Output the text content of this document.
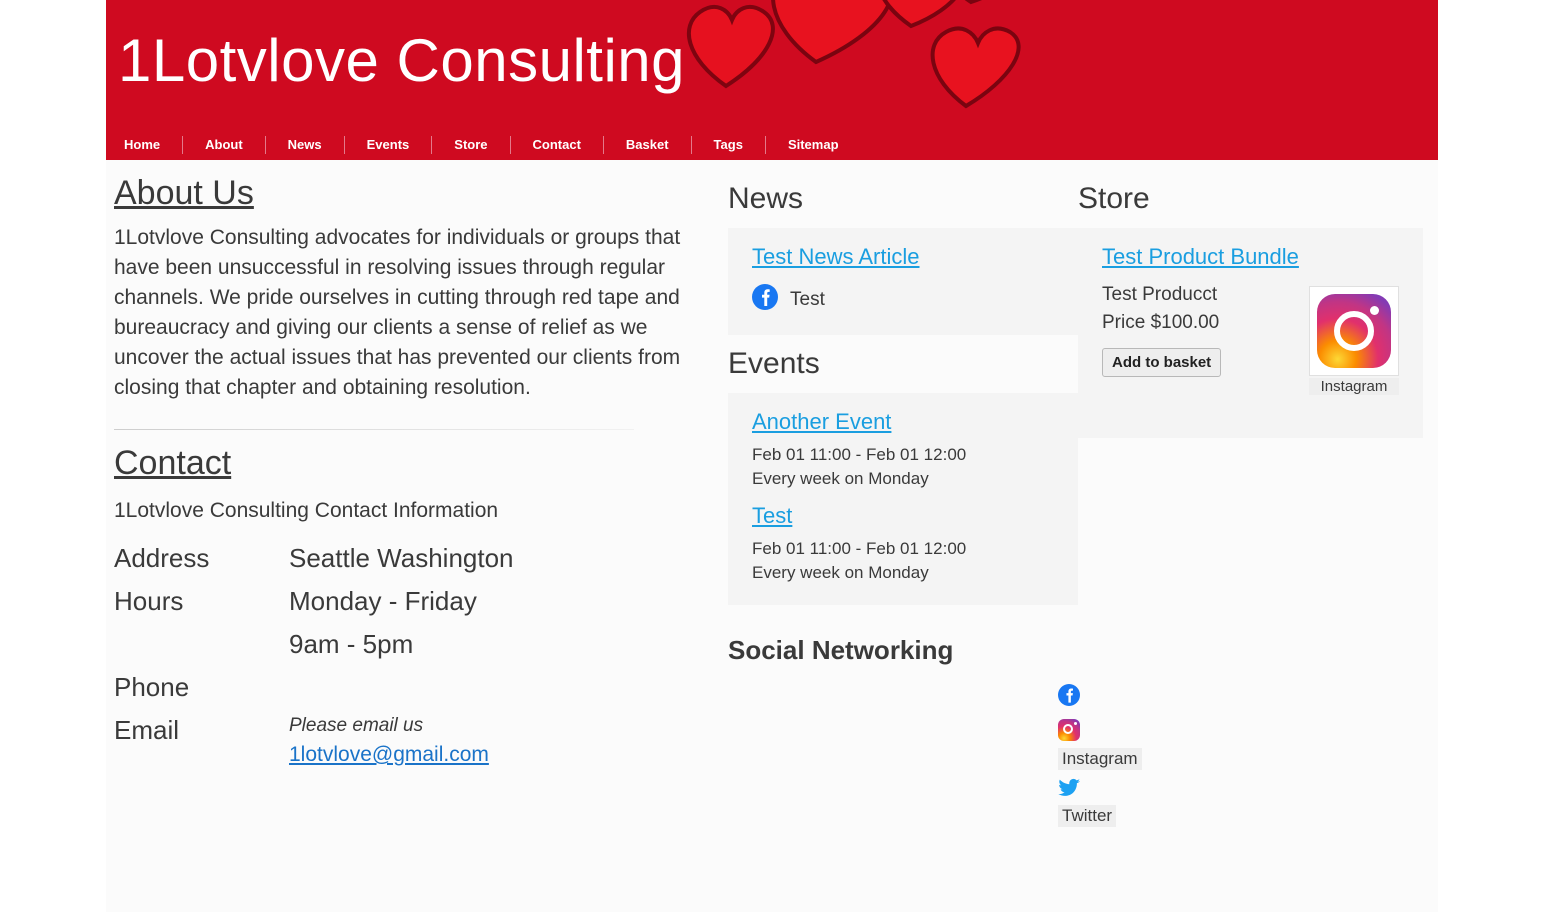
1Lotvlove Consulting
Home	About	News	Events	Store	Contact	Basket	Tags	Sitemap
About Us

1Lotvlove Consulting advocates for individuals or groups that have been unsuccessful in resolving issues through regular channels. We pride ourselves in cutting through red tape and bureaucracy and giving our clients a sense of relief as we uncover the actual issues that has prevented our clients from closing that chapter and obtaining resolution.

Contact
1Lotvlove Consulting Contact Information
Address	Seattle Washington
Hours	Monday - Friday
	9am - 5pm
Phone	
Email	Please email us
1lotvlove@gmail.com
News
Test News Article
Test
Events
Another Event
Feb 01 11:00 - Feb 01 12:00
Every week on Monday
Test
Feb 01 11:00 - Feb 01 12:00
Every week on Monday
Social Networking
Instagram
Twitter
Store
Test Product Bundle
Test Producct
Price $100.00
Add to basket
Instagram
